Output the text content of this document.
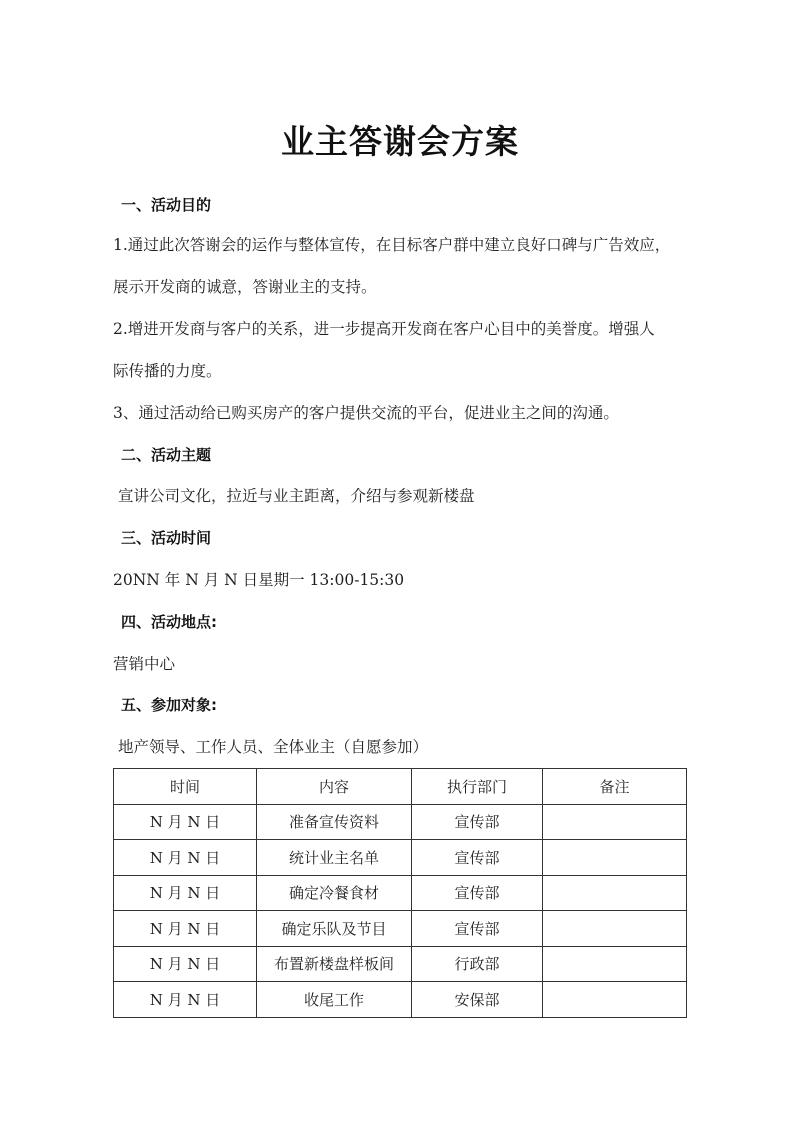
业主答谢会方案
一、活动目的
1.通过此次答谢会的运作与整体宣传，在目标客户群中建立良好口碑与广告效应，
展示开发商的诚意，答谢业主的支持。
2.增进开发商与客户的关系，进一步提高开发商在客户心目中的美誉度。增强人
际传播的力度。
3、通过活动给已购买房产的客户提供交流的平台，促进业主之间的沟通。
二、活动主题
宣讲公司文化，拉近与业主距离，介绍与参观新楼盘
三、活动时间
20NN 年 N 月 N 日星期一 13:00-15:30
四、活动地点:
营销中心
五、参加对象:
地产领导、工作人员、全体业主（自愿参加）
时间	内容	执行部门	备注
N 月 N 日	准备宣传资料	宣传部	
N 月 N 日	统计业主名单	宣传部	
N 月 N 日	确定冷餐食材	宣传部	
N 月 N 日	确定乐队及节目	宣传部	
N 月 N 日	布置新楼盘样板间	行政部	
N 月 N 日	收尾工作	安保部	
